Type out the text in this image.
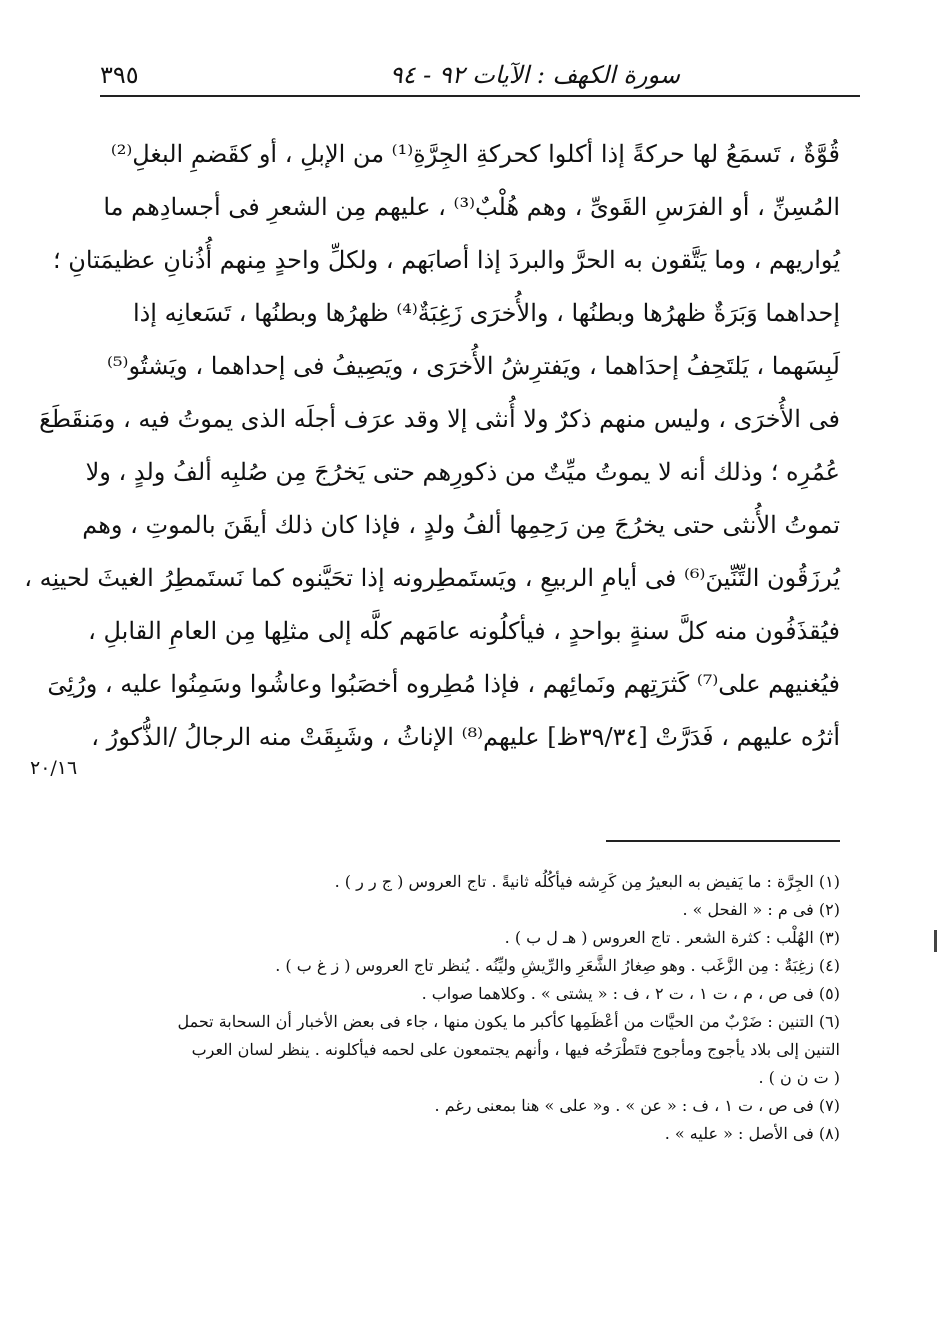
سورة الكهف : الآيات ٩٢ - ٩٤
٣٩٥
قُوَّةٌ ، تَسمَعُ لها حركةً إذا أكلوا كحركةِ الجِرَّةِ⁽¹⁾ من الإبلِ ، أو كقَضمِ البغلِ⁽²⁾
المُسِنِّ ، أو الفرَسِ القَوىِّ ، وهم هُلْبٌ⁽³⁾ ، عليهم مِن الشعرِ فى أجسادِهم ما
يُواريهم ، وما يَتَّقون به الحرَّ والبردَ إذا أصابَهم ، ولكلِّ واحدٍ مِنهم أُذُنانِ عظيمَتانِ ؛
إحداهما وَبَرَةٌ ظهرُها وبطنُها ، والأُخرَى زَغِبَةٌ⁽⁴⁾ ظهرُها وبطنُها ، تَسَعانِه إذا
لَبِسَهما ، يَلتَحِفُ إحدَاهما ، ويَفترِشُ الأُخرَى ، ويَصِيفُ فى إحداهما ، ويَشتُو⁽⁵⁾
فى الأُخرَى ، وليس منهم ذكرٌ ولا أُنثى إلا وقد عرَف أجلَه الذى يموتُ فيه ، ومَنقَطَعَ
عُمُرِه ؛ وذلك أنه لا يموتُ ميِّتٌ من ذكورِهم حتى يَخرُجَ مِن صُلبِه ألفُ ولدٍ ، ولا
تموتُ الأُنثى حتى يخرُجَ مِن رَحِمِها ألفُ ولدٍ ، فإذا كان ذلك أيقَنَ بالموتِ ، وهم
يُرزَقُون التِّنِّينَ⁽⁶⁾ فى أيامِ الربيعِ ، ويَستَمطِرونه إذا تحَيَّنوه كما نَستَمطِرُ الغيثَ لحينِه ،
فيُقذَفُون منه كلَّ سنةٍ بواحدٍ ، فيأكلُونه عامَهم كلَّه إلى مثلِها مِن العامِ القابلِ ،
فيُغنيهم على⁽⁷⁾ كَثرَتِهم ونَمائِهم ، فإذا مُطِروه أخصَبُوا وعاشُوا وسَمِنُوا عليه ، ورُئِىَ
أثرُه عليهم ، فَدَرَّتْ [٣٩/٣٤ظ] عليهم⁽⁸⁾ الإناثُ ، وشَبِقَتْ منه الرجالُ /الذُّكورُ ،
٢٠/١٦
(١) الجِرَّة : ما يَفيض به البعيرُ مِن كَرِشه فيأكُلُه ثانيةً . تاج العروس ( ج ر ر ) .
(٢) فى م : « الفحل » .
(٣) الهُلْب : كثرة الشعر . تاج العروس ( هـ ل ب ) .
(٤) زغِبَةٌ : مِن الزَّغَب . وهو صِغارُ الشَّعَرِ والرِّيشِ وليِّنُه . يُنظر تاج العروس ( ز غ ب ) .
(٥) فى ص ، م ، ت ١ ، ت ٢ ، ف : « يشتى » . وكلاهما صواب .
(٦) التنين : ضَرْبٌ من الحيَّات من أعْظَمِها كأكبر ما يكون منها ، جاء فى بعض الأخبار أن السحابة تحمل
التنين إلى بلاد يأجوج ومأجوج فتَطْرَحُه فيها ، وأنهم يجتمعون على لحمه فيأكلونه . ينظر لسان العرب
( ت ن ن ) .
(٧) فى ص ، ت ١ ، ف : « عن » . و« على » هنا بمعنى رغم .
(٨) فى الأصل : « عليه » .
